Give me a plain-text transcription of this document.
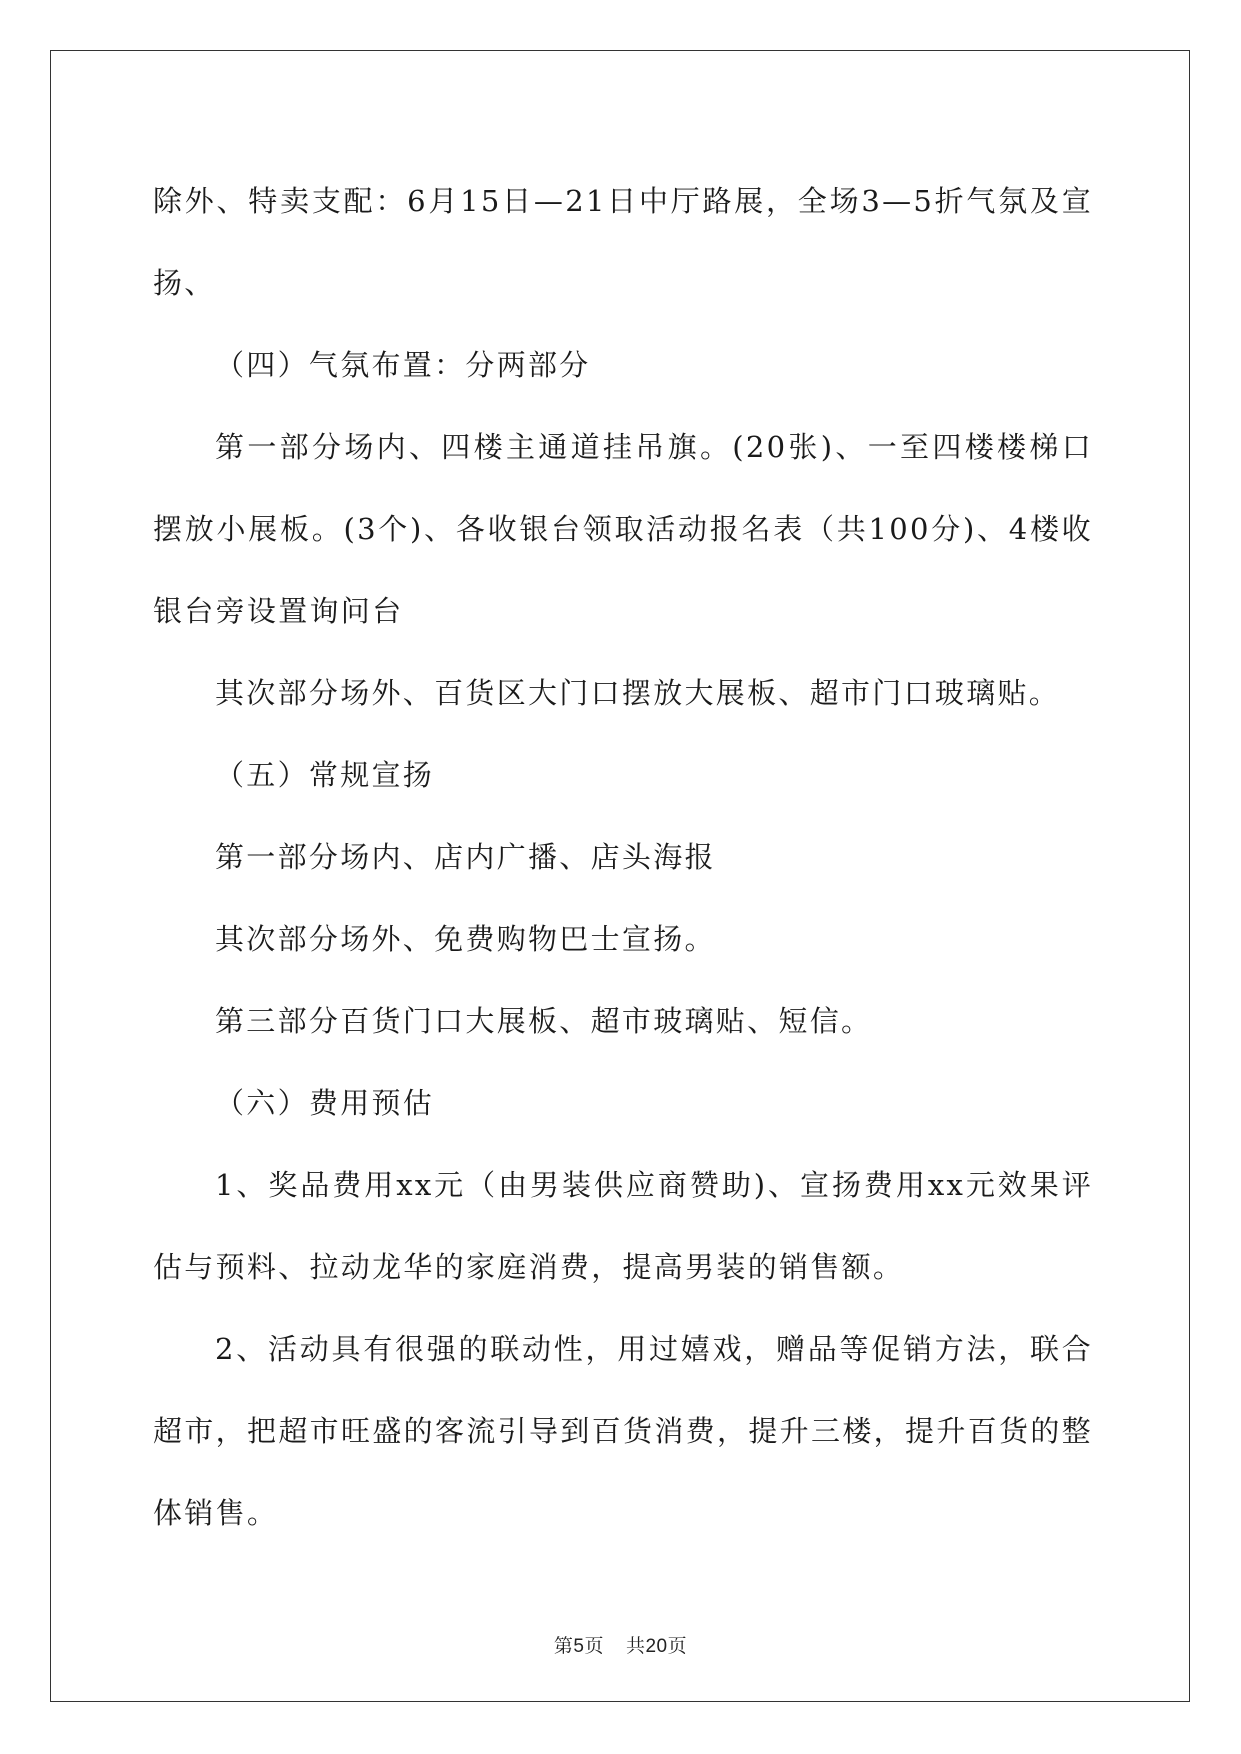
除外、特卖支配：6月15日—21日中厅路展，全场3—5折气氛及宣扬、

（四）气氛布置：分两部分

第一部分场内、四楼主通道挂吊旗。(20张)、一至四楼楼梯口摆放小展板。(3个)、各收银台领取活动报名表（共100分)、4楼收银台旁设置询问台

其次部分场外、百货区大门口摆放大展板、超市门口玻璃贴。

（五）常规宣扬

第一部分场内、店内广播、店头海报

其次部分场外、免费购物巴士宣扬。

第三部分百货门口大展板、超市玻璃贴、短信。

（六）费用预估

1、奖品费用xx元（由男装供应商赞助)、宣扬费用xx元效果评估与预料、拉动龙华的家庭消费，提高男装的销售额。

2、活动具有很强的联动性，用过嬉戏，赠品等促销方法，联合超市，把超市旺盛的客流引导到百货消费，提升三楼，提升百货的整体销售。

第5页 共20页
